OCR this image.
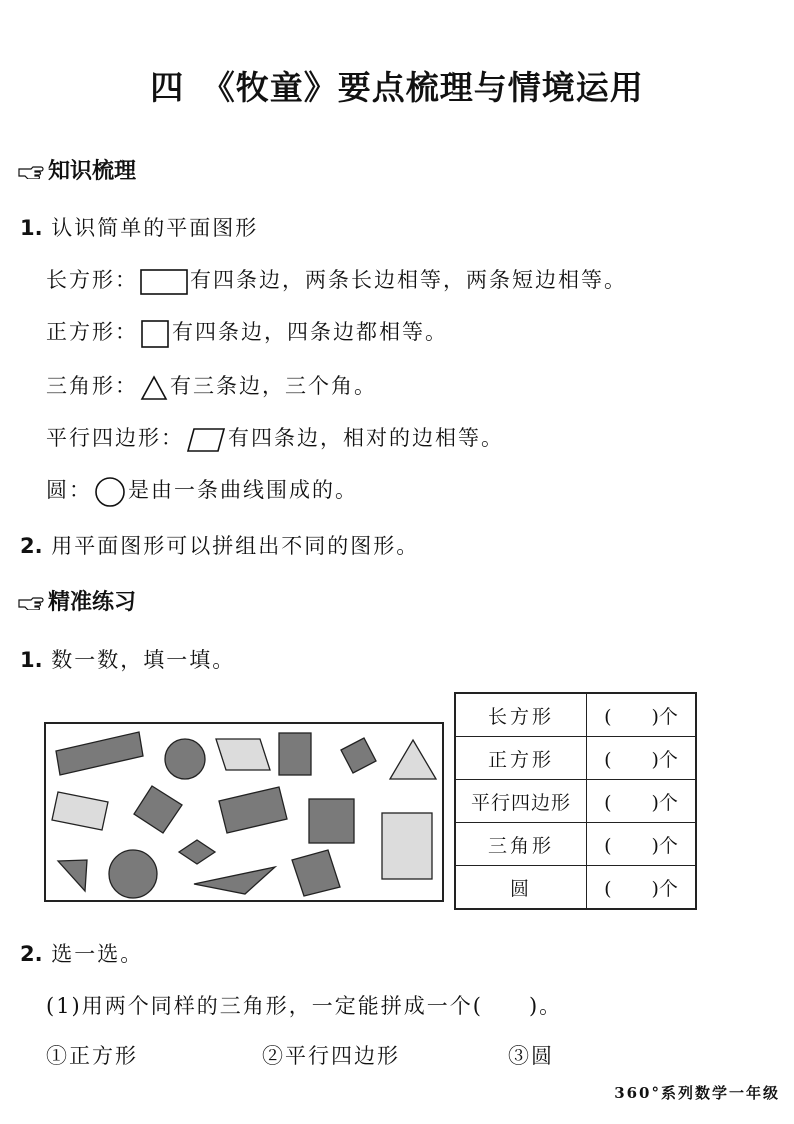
四　《牧童》要点梳理与情境运用
知识梳理
1. 认识简单的平面图形
长方形： 有四条边，两条长边相等，两条短边相等。
正方形： 有四条边，四条边都相等。
三角形： 有三条边，三个角。
平行四边形： 有四条边，相对的边相等。
圆： 是由一条曲线围成的。
2. 用平面图形可以拼组出不同的图形。
精准练习
1. 数一数，填一填。
长方形	( )个
正方形	( )个
平行四边形	( )个
三角形	( )个
圆	( )个
2. 选一选。
(1)用两个同样的三角形，一定能拼成一个(　　)。
①正方形	②平行四边形	③圆
360°系列数学一年级
